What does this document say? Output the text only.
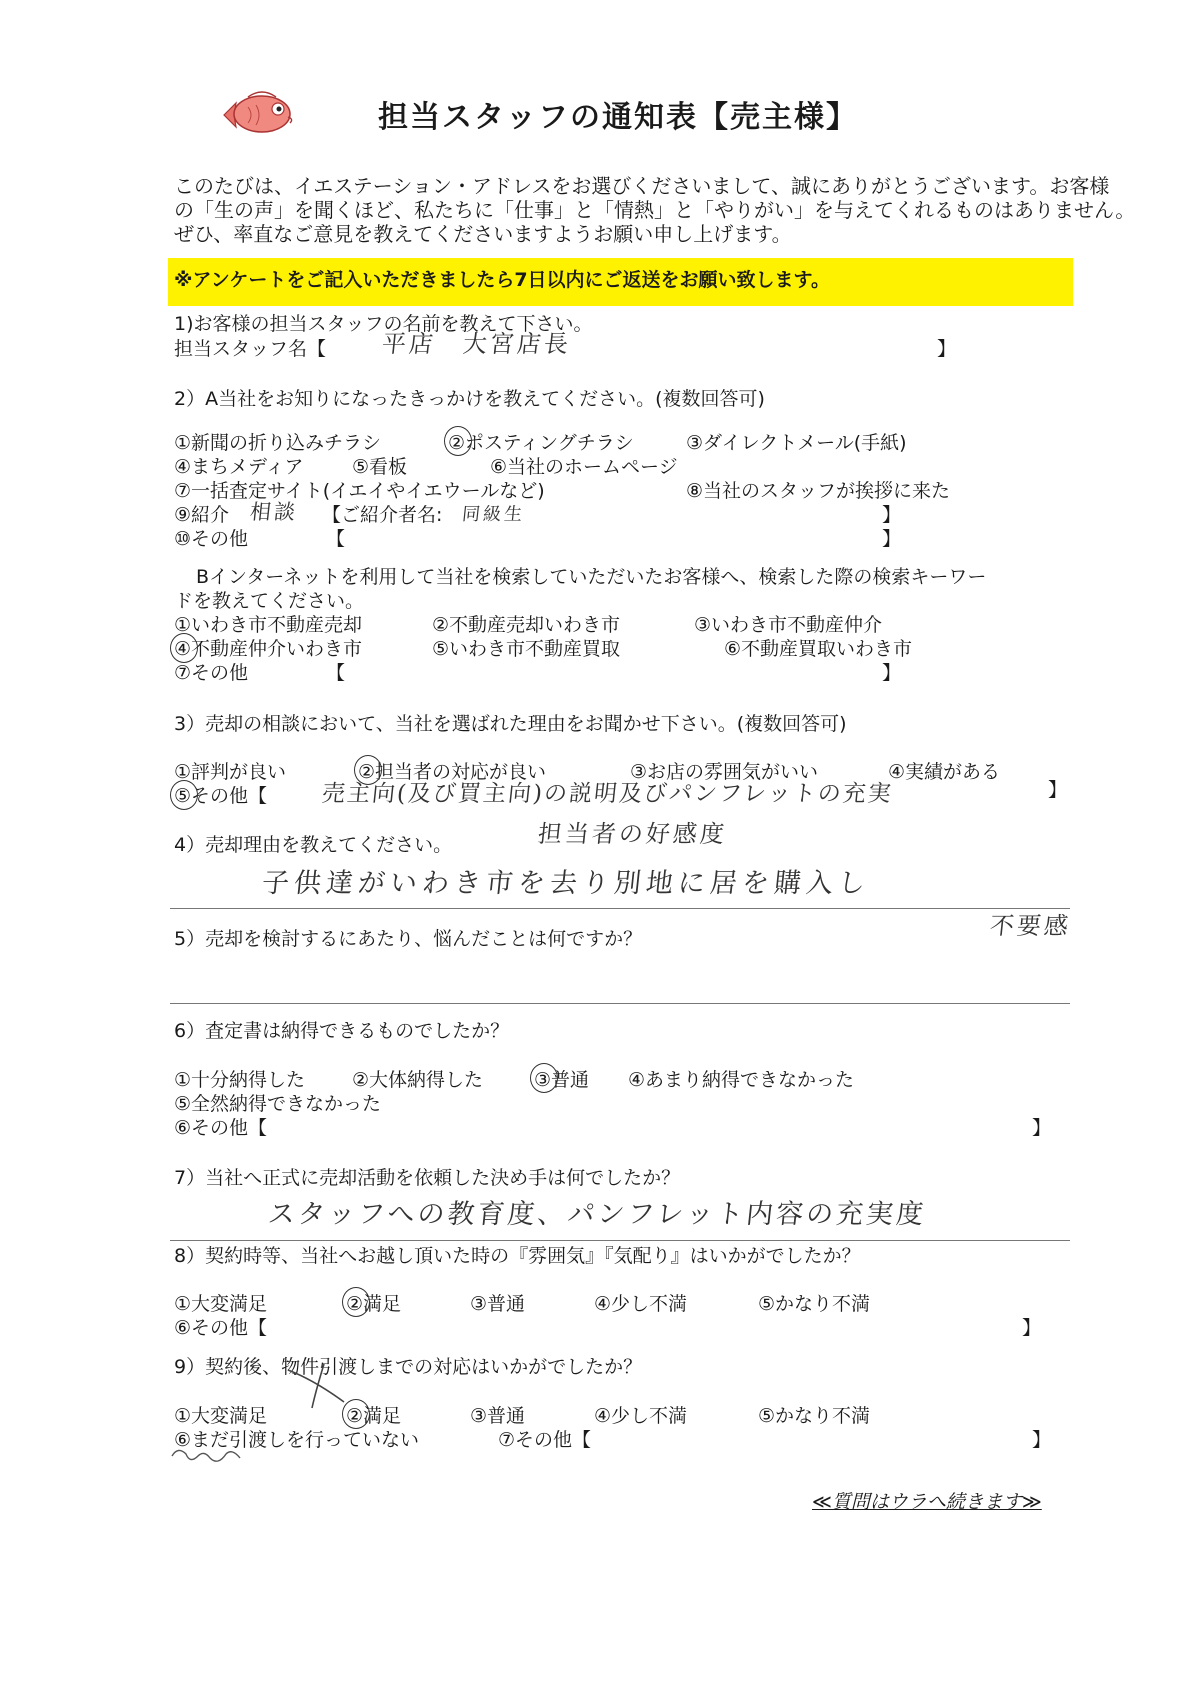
担当スタッフの通知表【売主様】
このたびは、イエステーション・アドレスをお選びくださいまして、誠にありがとうございます。お客様
の「生の声」を聞くほど、私たちに「仕事」と「情熱」と「やりがい」を与えてくれるものはありません。
ぜひ、率直なご意見を教えてくださいますようお願い申し上げます。
※アンケートをご記入いただきましたら7日以内にご返送をお願い致します。
1)お客様の担当スタッフの名前を教えて下さい。
担当スタッフ名【 平店　大宮店長	】
2）A当社をお知りになったきっかけを教えてください。(複数回答可)
①新聞の折り込みチラシ	②ポスティングチラシ	③ダイレクトメール(手紙)
④まちメディア	⑤看板	⑥当社のホームページ
⑦一括査定サイト(イエイやイエウールなど)	⑧当社のスタッフが挨拶に来た
⑨紹介 相談 【ご紹介者名: 同級生	】
⑩その他	【	】
Bインターネットを利用して当社を検索していただいたお客様へ、検索した際の検索キーワー
ドを教えてください。
①いわき市不動産売却	②不動産売却いわき市	③いわき市不動産仲介
④不動産仲介いわき市	⑤いわき市不動産買取	⑥不動産買取いわき市
⑦その他	【	】
3）売却の相談において、当社を選ばれた理由をお聞かせ下さい。(複数回答可)
①評判が良い	②担当者の対応が良い	③お店の雰囲気がいい	④実績がある
⑤その他【 売主向(及び買主向)の説明及びパンフレットの充実	】
4）売却理由を教えてください。	担当者の好感度
子供達がいわき市を去り別地に居を購入し
不要感
5）売却を検討するにあたり、悩んだことは何ですか？
6）査定書は納得できるものでしたか？
①十分納得した ②大体納得した	③普通 ④あまり納得できなかった
⑤全然納得できなかった
⑥その他【	】
7）当社へ正式に売却活動を依頼した決め手は何でしたか？
スタッフへの教育度、パンフレット内容の充実度
8）契約時等、当社へお越し頂いた時の『雰囲気』『気配り』はいかがでしたか？
①大変満足	②満足	③普通	④少し不満	⑤かなり不満
⑥その他【	】
9）契約後、物件引渡しまでの対応はいかがでしたか？
①大変満足	②満足	③普通	④少し不満	⑤かなり不満
⑥まだ引渡しを行っていない	⑦その他【	】
≪質問はウラへ続きます≫
